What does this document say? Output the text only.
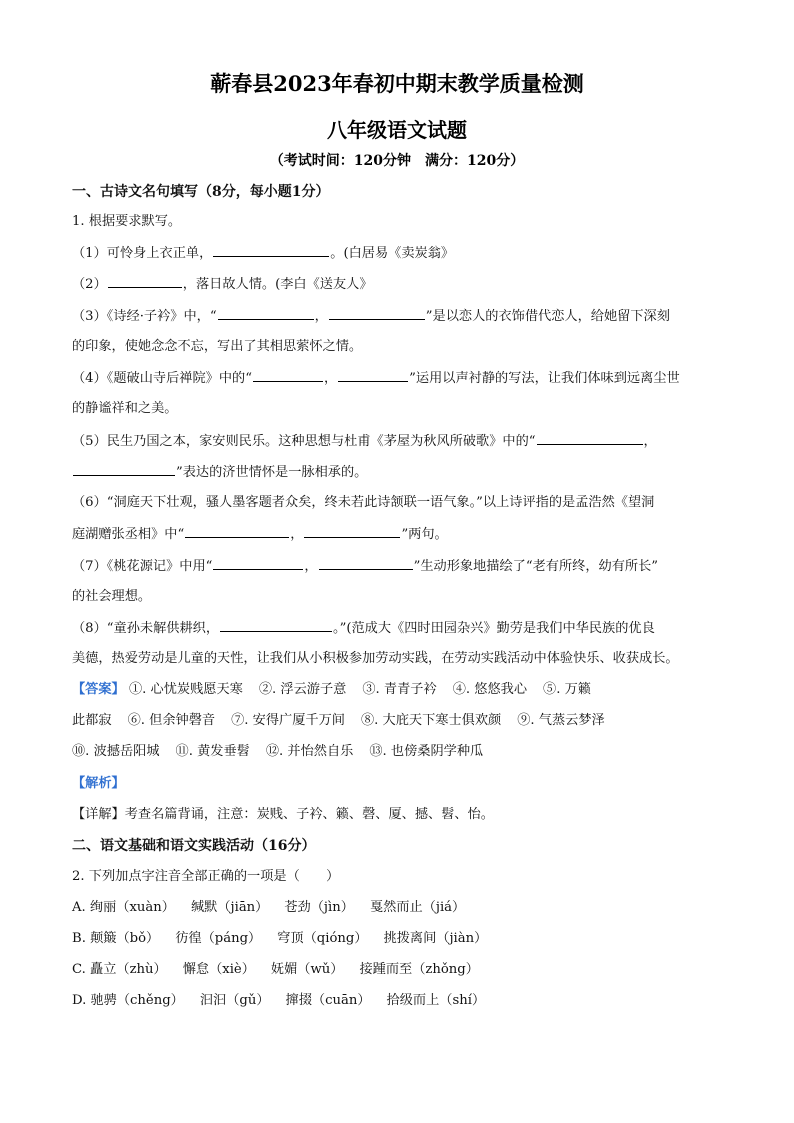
蕲春县2023年春初中期末教学质量检测
八年级语文试题
（考试时间：120分钟　满分：120分）
一、古诗文名句填写（8分，每小题1分）
1. 根据要求默写。
（1）可怜身上衣正单，	。(白居易《卖炭翁》
（2）	，落日故人情。(李白《送友人》
（3）《诗经·子衿》中，“	，	”是以恋人的衣饰借代恋人，给她留下深刻
的印象，使她念念不忘，写出了其相思萦怀之情。
（4）《题破山寺后禅院》中的“	，	”运用以声衬静的写法，让我们体味到远离尘世
的静谧祥和之美。
（5）民生乃国之本，家安则民乐。这种思想与杜甫《茅屋为秋风所破歌》中的“	，
”表达的济世情怀是一脉相承的。
（6）“洞庭天下壮观，骚人墨客题者众矣，终未若此诗颔联一语气象。”以上诗评指的是孟浩然《望洞
庭湖赠张丞相》中“	，	”两句。
（7）《桃花源记》中用“	，	”生动形象地描绘了“老有所终，幼有所长”
的社会理想。
（8）“童孙未解供耕织，	。”(范成大《四时田园杂兴》勤劳是我们中华民族的优良
美德，热爱劳动是儿童的天性，让我们从小积极参加劳动实践，在劳动实践活动中体验快乐、收获成长。
【答案】 ①. 心忧炭贱愿天寒 ②. 浮云游子意 ③. 青青子衿 ④. 悠悠我心 ⑤. 万籁
此都寂 ⑥. 但余钟磬音 ⑦. 安得广厦千万间 ⑧. 大庇天下寒士俱欢颜 ⑨. 气蒸云梦泽
⑩. 波撼岳阳城 ⑪. 黄发垂髫 ⑫. 并怡然自乐 ⑬. 也傍桑阴学种瓜
【解析】
【详解】考查名篇背诵，注意：炭贱、子衿、籁、磬、厦、撼、髫、怡。
二、语文基础和语文实践活动（16分）
2. 下列加点字注音全部正确的一项是（　　）
A. 绚丽（xuàn） 缄默（jiān） 苍劲（jìn） 戛然而止（jiá）
B. 颠簸（bǒ） 彷徨（páng） 穹顶（qióng） 挑拨离间（jiàn）
C. 矗立（zhù） 懈怠（xiè） 妩媚（wǔ） 接踵而至（zhǒng）
D. 驰骋（chěng） 汩汩（gǔ） 撺掇（cuān） 拾级而上（shí）
